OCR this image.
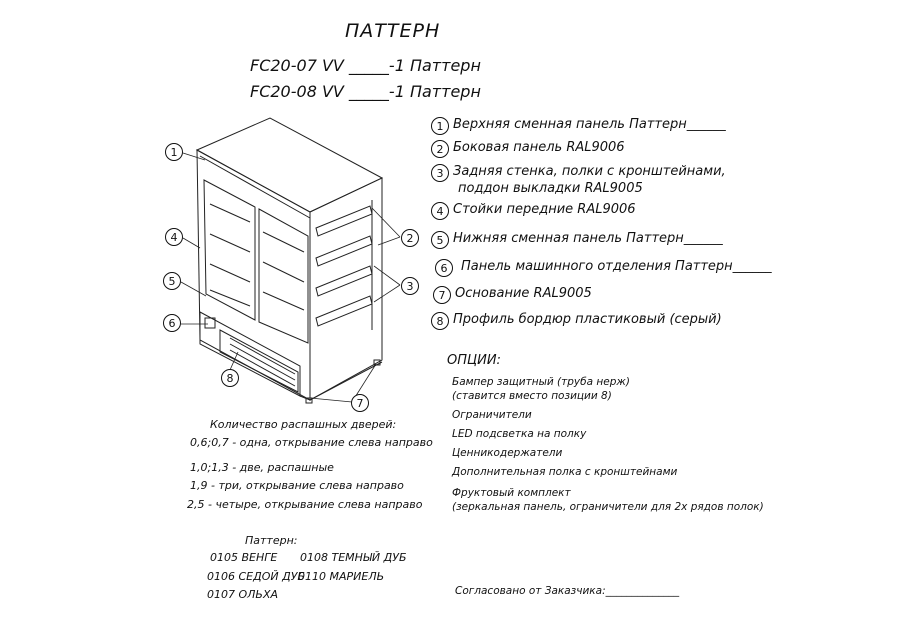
1
4
5
6
8
7
2
3
ПАТТЕРН
FC20-07 VV _____-1 Паттерн
FC20-08 VV _____-1 Паттерн
1 Верхняя сменная панель Паттерн______
2 Боковая панель RAL9006
3 Задняя стенка, полки с кронштейнами,
поддон выкладки RAL9005
4 Стойки передние RAL9006
5 Нижняя сменная панель Паттерн______
6	Панель машинного отделения Паттерн______
7 Основание RAL9005
8 Профиль бордюр пластиковый (серый)
ОПЦИИ:
Бампер защитный (труба нерж)
(ставится вместо позиции 8)
Ограничители
LED подсветка на полку
Ценникодержатели
Дополнительная полка с кронштейнами
Фруктовый комплект
(зеркальная панель, ограничители для 2х рядов полок)
Количество распашных дверей:
0,6;0,7 - одна, открывание слева направо
1,0;1,3 - две, распашные
1,9 - три, открывание слева направо
2,5 - четыре, открывание слева направо
Паттерн:
0105 ВЕНГЕ 0108 ТЕМНЫЙ ДУБ
0106 СЕДОЙ ДУБ
0110 МАРИЕЛЬ
0107 ОЛЬХА	Согласовано от Заказчика:______________
